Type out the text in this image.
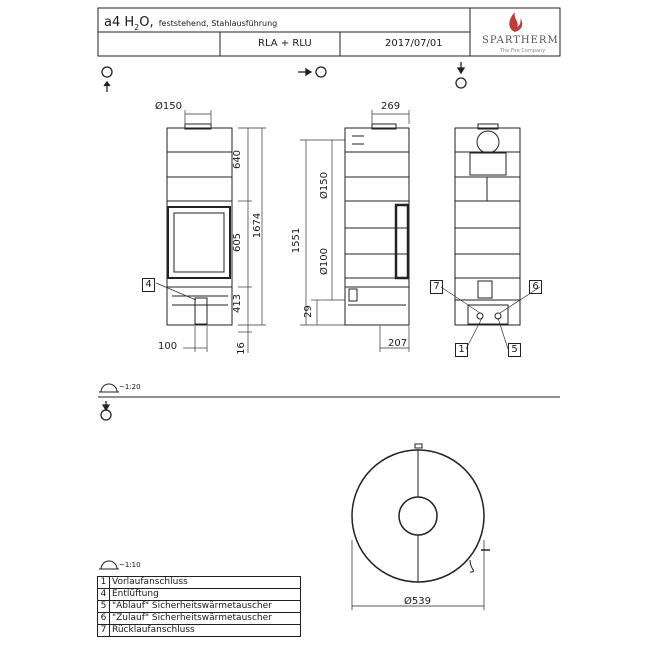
a4 $H_2O$, feststehend, Stahlausführung
RLA + RLU	2017/07/01	SPARTHERM
The Fire Company
Ø150
640
605
1674
413
16
100
269
Ø150
Ø100
1551
29
207
4	7	6
1	5
~1:20
~1:10
Ø539
1	Vorlaufanschluss
4	Entlüftung
5	"Ablauf" Sicherheitswärmetauscher
6	"Zulauf" Sicherheitswärmetauscher
7	Rücklaufanschluss
